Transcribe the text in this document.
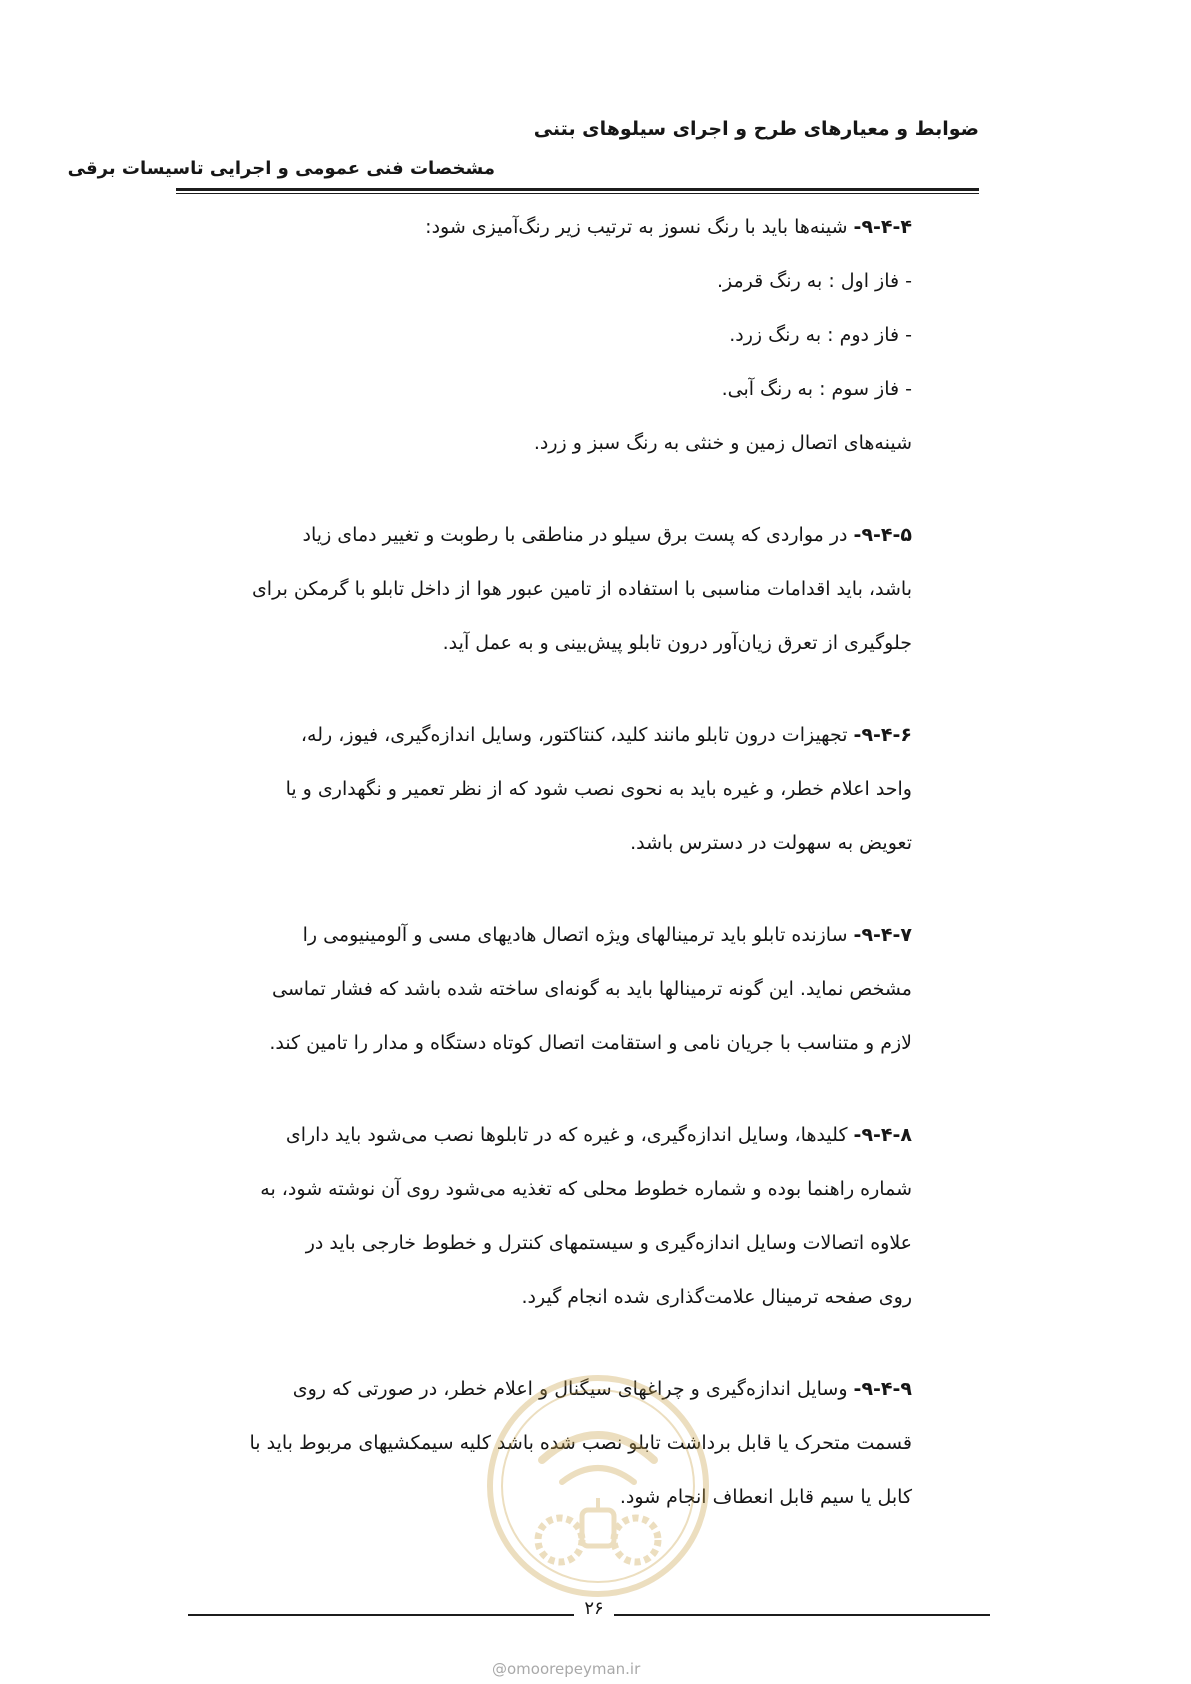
ضوابط و معیارهای طرح و اجرای سیلوهای بتنی
مشخصات فنی عمومی و اجرایی تاسیسات برقی
۹-۴-۴- شینه‌ها باید با رنگ نسوز به ترتیب زیر رنگ‌آمیزی شود:
- فاز اول : به رنگ قرمز.
- فاز دوم : به رنگ زرد.
- فاز سوم : به رنگ آبی.
شینه‌های اتصال زمین و خنثی به رنگ سبز و زرد.
۹-۴-۵- در مواردی که پست برق سیلو در مناطقی با رطوبت و تغییر دمای زیاد
باشد، باید اقدامات مناسبی با استفاده از تامین عبور هوا از داخل تابلو با گرمکن برای
جلوگیری از تعرق زیان‌آور درون تابلو پیش‌بینی و به عمل آید.
۹-۴-۶- تجهیزات درون تابلو مانند کلید، کنتاکتور، وسایل اندازه‌گیری، فیوز، رله،
واحد اعلام خطر، و غیره باید به نحوی نصب شود که از نظر تعمیر و نگهداری و یا
تعویض به سهولت در دسترس باشد.
۹-۴-۷- سازنده تابلو باید ترمینالهای ویژه اتصال هادیهای مسی و آلومینیومی را
مشخص نماید. این گونه ترمینالها باید به گونه‌ای ساخته شده باشد که فشار تماسی
لازم و متناسب با جریان نامی و استقامت اتصال کوتاه دستگاه و مدار را تامین کند.
۹-۴-۸- کلیدها، وسایل اندازه‌گیری، و غیره که در تابلوها نصب می‌شود باید دارای
شماره راهنما بوده و شماره خطوط محلی که تغذیه می‌شود روی آن نوشته شود، به
علاوه اتصالات وسایل اندازه‌گیری و سیستمهای کنترل و خطوط خارجی باید در
روی صفحه ترمینال علامت‌گذاری شده انجام گیرد.
۹-۴-۹- وسایل اندازه‌گیری و چراغهای سیگنال و اعلام خطر، در صورتی که روی
قسمت متحرک یا قابل برداشت تابلو نصب شده باشد کلیه سیمکشیهای مربوط باید با
کابل یا سیم قابل انعطاف انجام شود.
۲۶
@omoorepeyman.ir
